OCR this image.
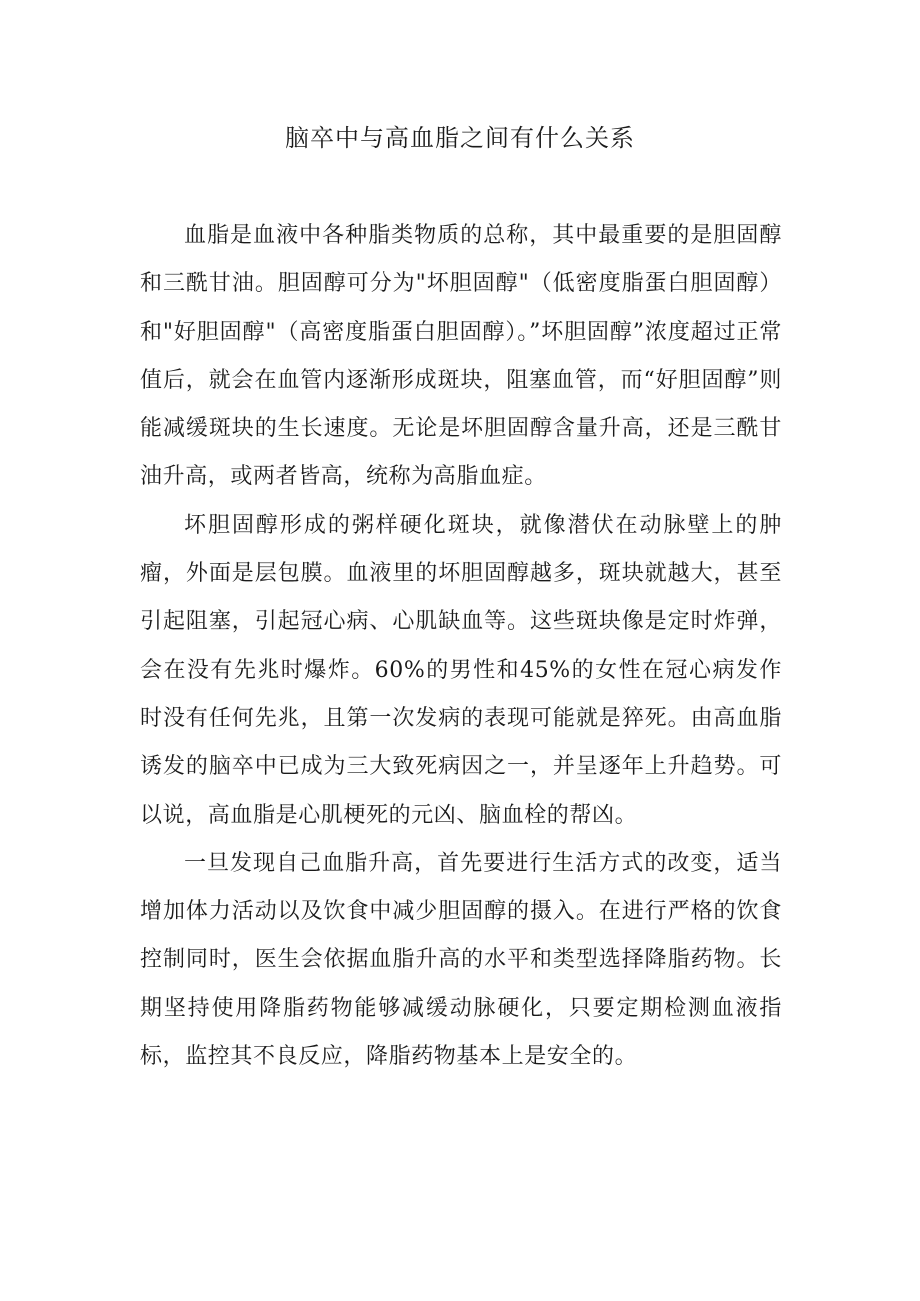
脑卒中与高血脂之间有什么关系

血脂是血液中各种脂类物质的总称，其中最重要的是胆固醇和三酰甘油。胆固醇可分为"坏胆固醇"（低密度脂蛋白胆固醇）和"好胆固醇"（高密度脂蛋白胆固醇）。”坏胆固醇”浓度超过正常值后，就会在血管内逐渐形成斑块，阻塞血管，而“好胆固醇”则能减缓斑块的生长速度。无论是坏胆固醇含量升高，还是三酰甘油升高，或两者皆高，统称为高脂血症。

坏胆固醇形成的粥样硬化斑块，就像潜伏在动脉壁上的肿瘤，外面是层包膜。血液里的坏胆固醇越多，斑块就越大，甚至引起阻塞，引起冠心病、心肌缺血等。这些斑块像是定时炸弹，会在没有先兆时爆炸。60%的男性和45%的女性在冠心病发作时没有任何先兆，且第一次发病的表现可能就是猝死。由高血脂诱发的脑卒中已成为三大致死病因之一，并呈逐年上升趋势。可以说，高血脂是心肌梗死的元凶、脑血栓的帮凶。

一旦发现自己血脂升高，首先要进行生活方式的改变，适当增加体力活动以及饮食中减少胆固醇的摄入。在进行严格的饮食控制同时，医生会依据血脂升高的水平和类型选择降脂药物。长期坚持使用降脂药物能够减缓动脉硬化，只要定期检测血液指标，监控其不良反应，降脂药物基本上是安全的。
